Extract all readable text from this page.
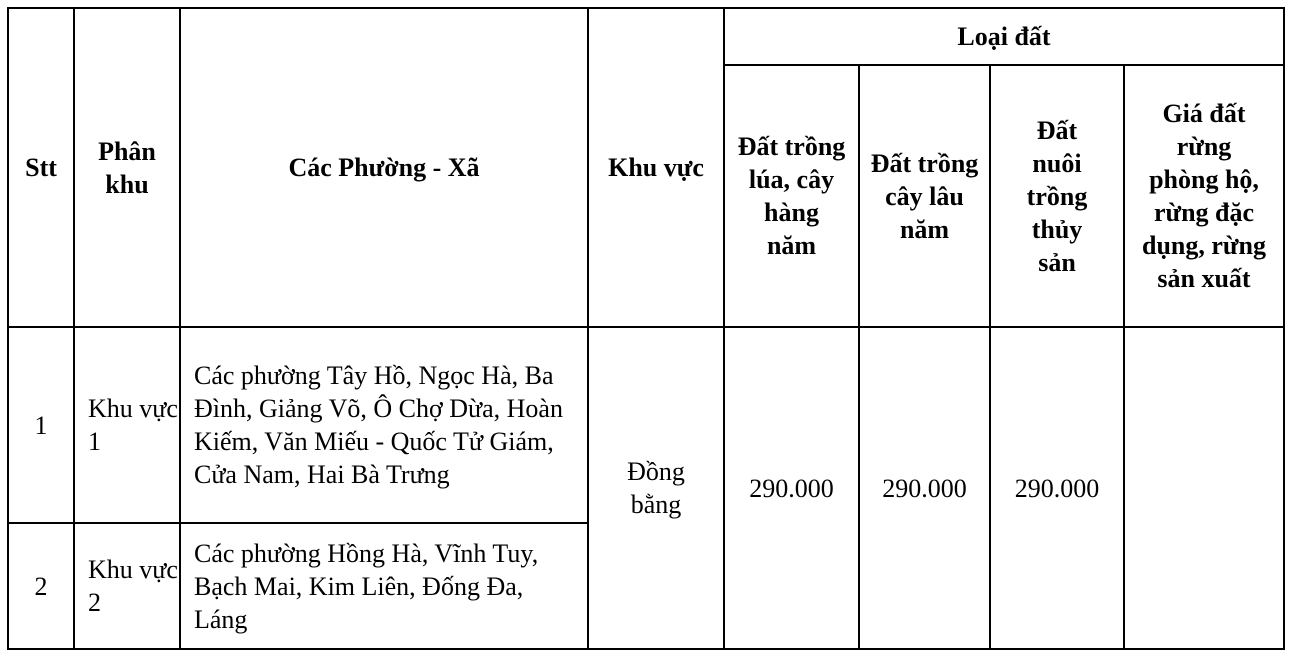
Stt	Phân khu	Các Phường - Xã	Khu vực	Loại đất			
				Đất trồng lúa, cây hàng năm	Đất trồng cây lâu năm	Đất nuôi trồng thủy sản	Giá đất rừng phòng hộ, rừng đặc dụng, rừng sản xuất
1	Khu vực 1	Các phường Tây Hồ, Ngọc Hà, Ba Đình, Giảng Võ, Ô Chợ Dừa, Hoàn Kiếm, Văn Miếu - Quốc Tử Giám, Cửa Nam, Hai Bà Trưng	Đồng bằng	290.000	290.000	290.000	
2	Khu vực 2	Các phường Hồng Hà, Vĩnh Tuy, Bạch Mai, Kim Liên, Đống Đa, Láng					
